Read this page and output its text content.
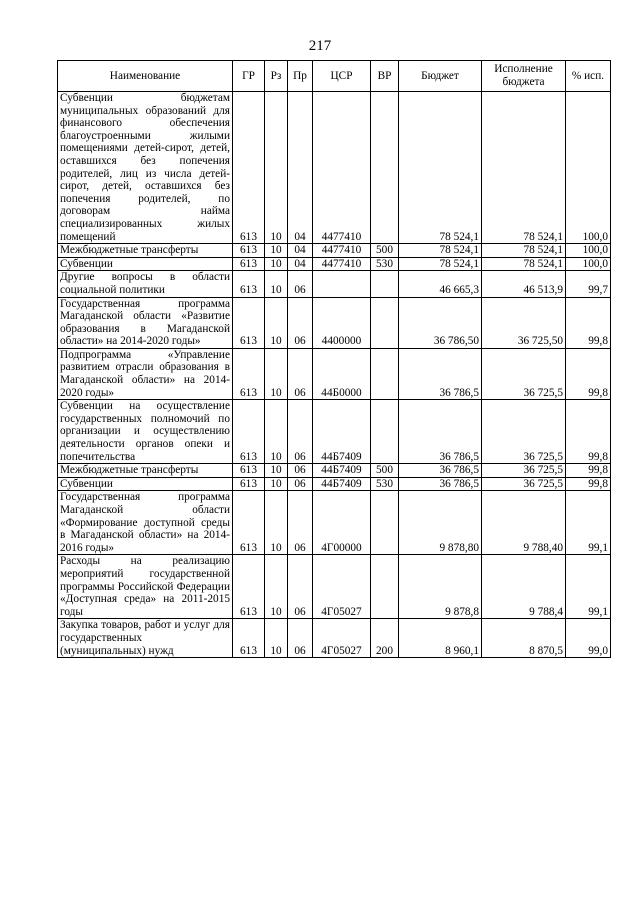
217
Наименование	ГР	Рз	Пр	ЦСР	ВР	Бюджет	Исполнение бюджета	% исп.
Субвенции бюджетам муниципальных образований для финансового обеспечения благоустроенными жилыми помещениями детей-сирот, детей, оставшихся без попечения родителей, лиц из числа детей-сирот, детей, оставшихся без попечения родителей, по договорам найма специализированных жилых помещений	613	10	04	4477410		78 524,1	78 524,1	100,0
Межбюджетные трансферты	613	10	04	4477410	500	78 524,1	78 524,1	100,0
Субвенции	613	10	04	4477410	530	78 524,1	78 524,1	100,0
Другие вопросы в области социальной политики	613	10	06			46 665,3	46 513,9	99,7
Государственная программа Магаданской области «Развитие образования в Магаданской области» на 2014-2020 годы»	613	10	06	4400000		36 786,50	36 725,50	99,8
Подпрограмма «Управление развитием отрасли образования в Магаданской области» на 2014-2020 годы»	613	10	06	44Б0000		36 786,5	36 725,5	99,8
Субвенции на осуществление государственных полномочий по организации и осуществлению деятельности органов опеки и попечительства	613	10	06	44Б7409		36 786,5	36 725,5	99,8
Межбюджетные трансферты	613	10	06	44Б7409	500	36 786,5	36 725,5	99,8
Субвенции	613	10	06	44Б7409	530	36 786,5	36 725,5	99,8
Государственная программа Магаданской области «Формирование доступной среды в Магаданской области» на 2014-2016 годы»	613	10	06	4Г00000		9 878,80	9 788,40	99,1
Расходы на реализацию мероприятий государственной программы Российской Федерации «Доступная среда» на 2011-2015 годы	613	10	06	4Г05027		9 878,8	9 788,4	99,1
Закупка товаров, работ и услуг для государственных (муниципальных) нужд	613	10	06	4Г05027	200	8 960,1	8 870,5	99,0
